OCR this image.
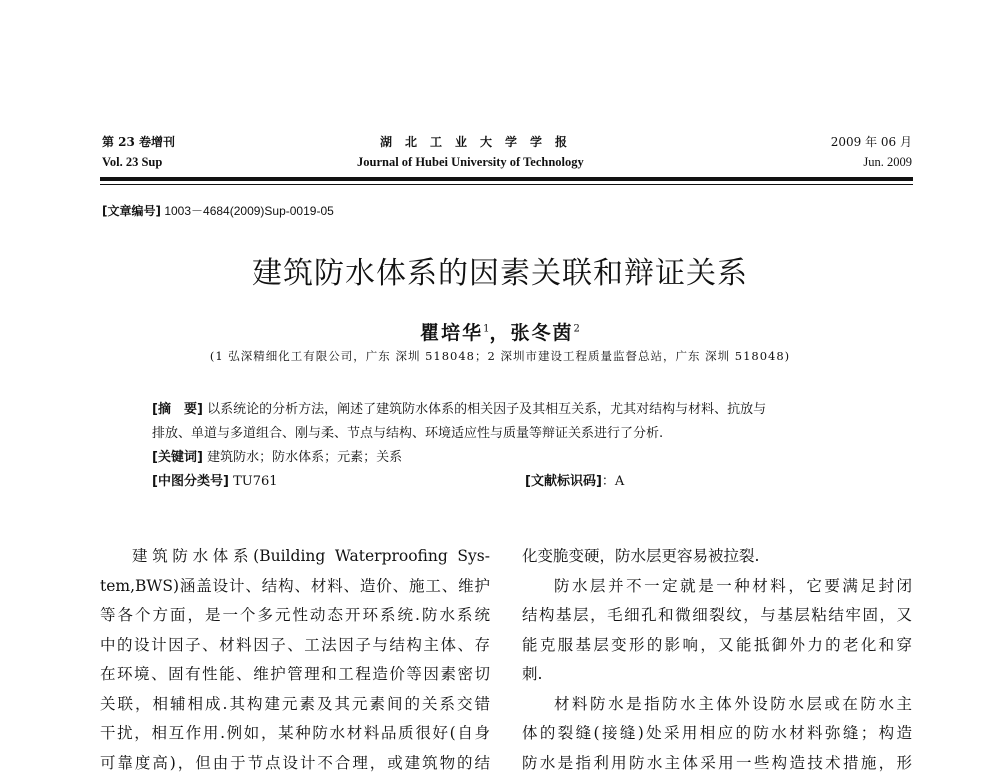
第 23 卷增刊
Vol. 23 Sup
湖北工业大学学报
Journal of Hubei University of Technology
2009 年 06 月
Jun. 2009
[文章编号] 1003－4684(2009)Sup-0019-05
建筑防水体系的因素关联和辩证关系
瞿培华$^1$，张冬茵$^2$
(1 弘深精细化工有限公司，广东 深圳 518048；2 深圳市建设工程质量监督总站，广东 深圳 518048)
[摘　要] 以系统论的分析方法，阐述了建筑防水体系的相关因子及其相互关系，尤其对结构与材料、抗放与
排放、单道与多道组合、刚与柔、节点与结构、环境适应性与质量等辩证关系进行了分析.
[关键词] 建筑防水；防水体系；元素；关系
[中图分类号] TU761	[文献标识码]：A
建筑防水体系(Building Waterproofing Sys-
tem,BWS)涵盖设计、结构、材料、造价、施工、维护
等各个方面，是一个多元性动态开环系统.防水系统
中的设计因子、材料因子、工法因子与结构主体、存
在环境、固有性能、维护管理和工程造价等因素密切
关联，相辅相成.其构建元素及其元素间的关系交错
干扰，相互作用.例如，某种防水材料品质很好(自身
可靠度高)，但由于节点设计不合理，或建筑物的结
化变脆变硬，防水层更容易被拉裂.
防水层并不一定就是一种材料，它要满足封闭
结构基层，毛细孔和微细裂纹，与基层粘结牢固，又
能克服基层变形的影响，又能抵御外力的老化和穿
刺.
材料防水是指防水主体外设防水层或在防水主
体的裂缝(接缝)处采用相应的防水材料弥缝；构造
防水是指利用防水主体采用一些构造技术措施，形
